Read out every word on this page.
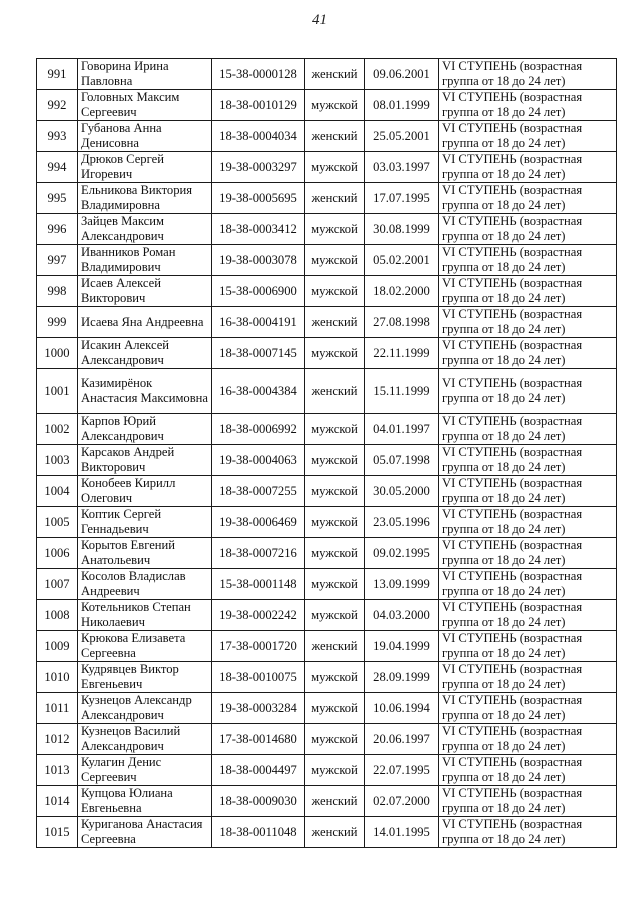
41
991	Говорина Ирина Павловна	15-38-0000128	женский	09.06.2001	VI СТУПЕНЬ (возрастная группа от 18 до 24 лет)
992	Головных Максим Сергеевич	18-38-0010129	мужской	08.01.1999	VI СТУПЕНЬ (возрастная группа от 18 до 24 лет)
993	Губанова Анна Денисовна	18-38-0004034	женский	25.05.2001	VI СТУПЕНЬ (возрастная группа от 18 до 24 лет)
994	Дрюков Сергей Игоревич	19-38-0003297	мужской	03.03.1997	VI СТУПЕНЬ (возрастная группа от 18 до 24 лет)
995	Ельникова Виктория Владимировна	19-38-0005695	женский	17.07.1995	VI СТУПЕНЬ (возрастная группа от 18 до 24 лет)
996	Зайцев Максим Александрович	18-38-0003412	мужской	30.08.1999	VI СТУПЕНЬ (возрастная группа от 18 до 24 лет)
997	Иванников Роман Владимирович	19-38-0003078	мужской	05.02.2001	VI СТУПЕНЬ (возрастная группа от 18 до 24 лет)
998	Исаев Алексей Викторович	15-38-0006900	мужской	18.02.2000	VI СТУПЕНЬ (возрастная группа от 18 до 24 лет)
999	Исаева Яна Андреевна	16-38-0004191	женский	27.08.1998	VI СТУПЕНЬ (возрастная группа от 18 до 24 лет)
1000	Исакин Алексей Александрович	18-38-0007145	мужской	22.11.1999	VI СТУПЕНЬ (возрастная группа от 18 до 24 лет)
1001	Казимирёнок Анастасия Максимовна	16-38-0004384	женский	15.11.1999	VI СТУПЕНЬ (возрастная группа от 18 до 24 лет)
1002	Карпов Юрий Александрович	18-38-0006992	мужской	04.01.1997	VI СТУПЕНЬ (возрастная группа от 18 до 24 лет)
1003	Карсаков Андрей Викторович	19-38-0004063	мужской	05.07.1998	VI СТУПЕНЬ (возрастная группа от 18 до 24 лет)
1004	Конобеев Кирилл Олегович	18-38-0007255	мужской	30.05.2000	VI СТУПЕНЬ (возрастная группа от 18 до 24 лет)
1005	Коптик Сергей Геннадьевич	19-38-0006469	мужской	23.05.1996	VI СТУПЕНЬ (возрастная группа от 18 до 24 лет)
1006	Корытов Евгений Анатольевич	18-38-0007216	мужской	09.02.1995	VI СТУПЕНЬ (возрастная группа от 18 до 24 лет)
1007	Косолов Владислав Андреевич	15-38-0001148	мужской	13.09.1999	VI СТУПЕНЬ (возрастная группа от 18 до 24 лет)
1008	Котельников Степан Николаевич	19-38-0002242	мужской	04.03.2000	VI СТУПЕНЬ (возрастная группа от 18 до 24 лет)
1009	Крюкова Елизавета Сергеевна	17-38-0001720	женский	19.04.1999	VI СТУПЕНЬ (возрастная группа от 18 до 24 лет)
1010	Кудрявцев Виктор Евгеньевич	18-38-0010075	мужской	28.09.1999	VI СТУПЕНЬ (возрастная группа от 18 до 24 лет)
1011	Кузнецов Александр Александрович	19-38-0003284	мужской	10.06.1994	VI СТУПЕНЬ (возрастная группа от 18 до 24 лет)
1012	Кузнецов Василий Александрович	17-38-0014680	мужской	20.06.1997	VI СТУПЕНЬ (возрастная группа от 18 до 24 лет)
1013	Кулагин Денис Сергеевич	18-38-0004497	мужской	22.07.1995	VI СТУПЕНЬ (возрастная группа от 18 до 24 лет)
1014	Купцова Юлиана Евгеньевна	18-38-0009030	женский	02.07.2000	VI СТУПЕНЬ (возрастная группа от 18 до 24 лет)
1015	Куриганова Анастасия Сергеевна	18-38-0011048	женский	14.01.1995	VI СТУПЕНЬ (возрастная группа от 18 до 24 лет)
